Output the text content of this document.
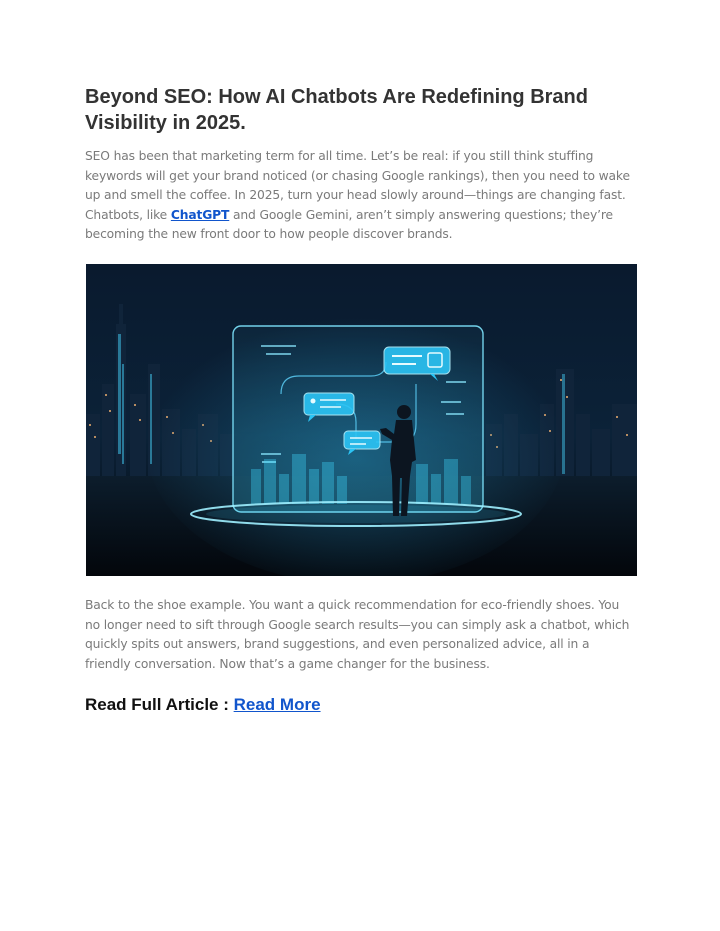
Beyond SEO: How AI Chatbots Are Redefining Brand Visibility in 2025.

SEO has been that marketing term for all time. Let’s be real: if you still think stuffing keywords will get your brand noticed (or chasing Google rankings), then you need to wake up and smell the coffee. In 2025, turn your head slowly around—things are changing fast. Chatbots, like ChatGPT and Google Gemini, aren’t simply answering questions; they’re becoming the new front door to how people discover brands.

Back to the shoe example. You want a quick recommendation for eco-friendly shoes. You no longer need to sift through Google search results—you can simply ask a chatbot, which quickly spits out answers, brand suggestions, and even personalized advice, all in a friendly conversation. Now that’s a game changer for the business.

Read Full Article : Read More
